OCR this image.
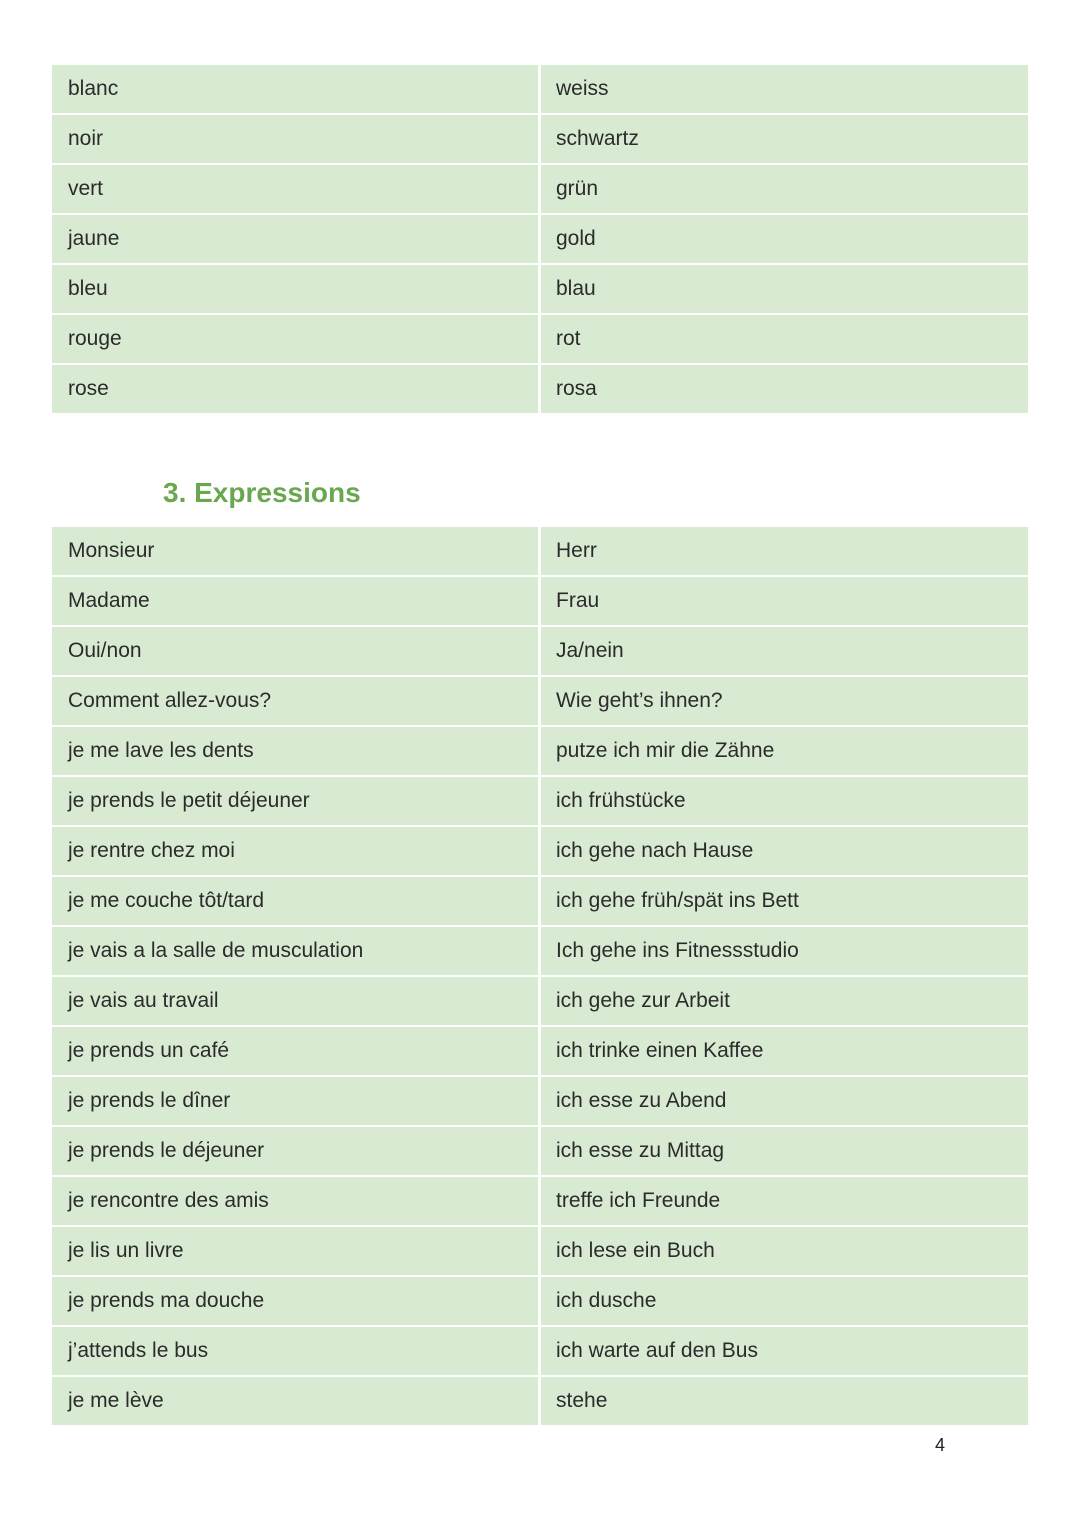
blanc	weiss
noir	schwartz
vert	grün
jaune	gold
bleu	blau
rouge	rot
rose	rosa
3. Expressions
Monsieur	Herr
Madame	Frau
Oui/non	Ja/nein
Comment allez-vous?	Wie geht’s ihnen?
je me lave les dents	putze ich mir die Zähne
je prends le petit déjeuner	ich frühstücke
je rentre chez moi	ich gehe nach Hause
je me couche tôt/tard	ich gehe früh/spät ins Bett
je vais a la salle de musculation	Ich gehe ins Fitnessstudio
je vais au travail	ich gehe zur Arbeit
je prends un café	ich trinke einen Kaffee
je prends le dîner	ich esse zu Abend
je prends le déjeuner	ich esse zu Mittag
je rencontre des amis	treffe ich Freunde
je lis un livre	ich lese ein Buch
je prends ma douche	ich dusche
j’attends le bus	ich warte auf den Bus
je me lève	stehe
4
